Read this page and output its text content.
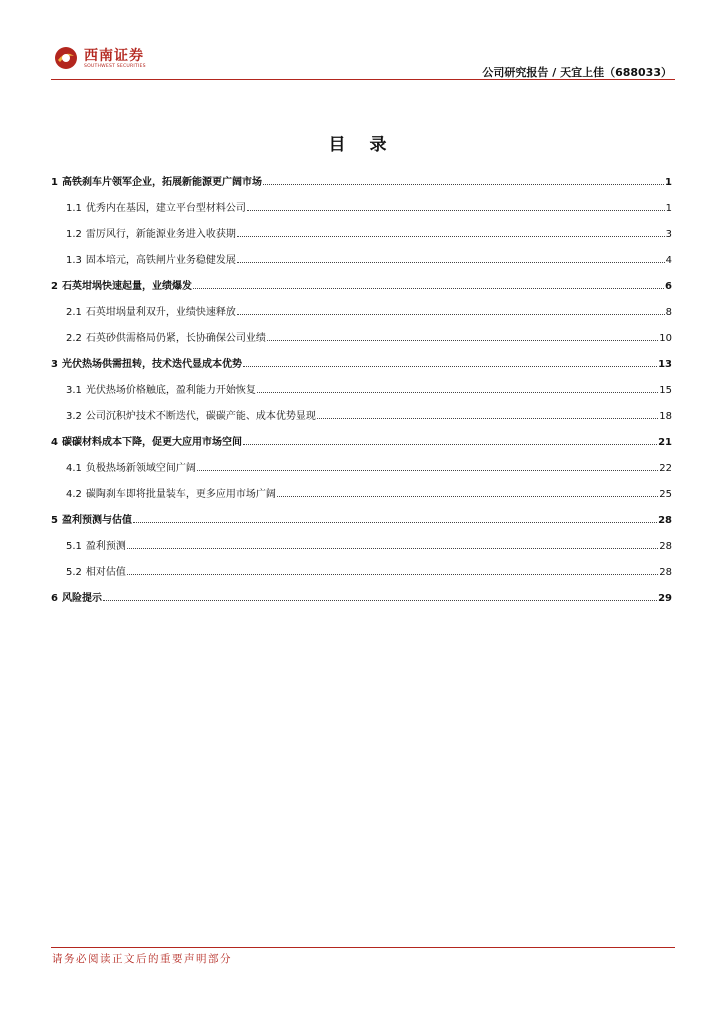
西南证券
SOUTHWEST SECURITIES	公司研究报告 / 天宜上佳（688033）
目 录
1 高铁刹车片领军企业，拓展新能源更广阔市场	1
1.1 优秀内在基因，建立平台型材料公司	1
1.2 雷厉风行，新能源业务进入收获期	3
1.3 固本培元，高铁闸片业务稳健发展	4
2 石英坩埚快速起量，业绩爆发	6
2.1 石英坩埚量利双升，业绩快速释放	8
2.2 石英砂供需格局仍紧，长协确保公司业绩	10
3 光伏热场供需扭转，技术迭代显成本优势	13
3.1 光伏热场价格触底，盈利能力开始恢复	15
3.2 公司沉积炉技术不断迭代，碳碳产能、成本优势显现	18
4 碳碳材料成本下降，促更大应用市场空间	21
4.1 负极热场新领域空间广阔	22
4.2 碳陶刹车即将批量装车，更多应用市场广阔	25
5 盈利预测与估值	28
5.1 盈利预测	28
5.2 相对估值	28
6 风险提示	29
请务必阅读正文后的重要声明部分
